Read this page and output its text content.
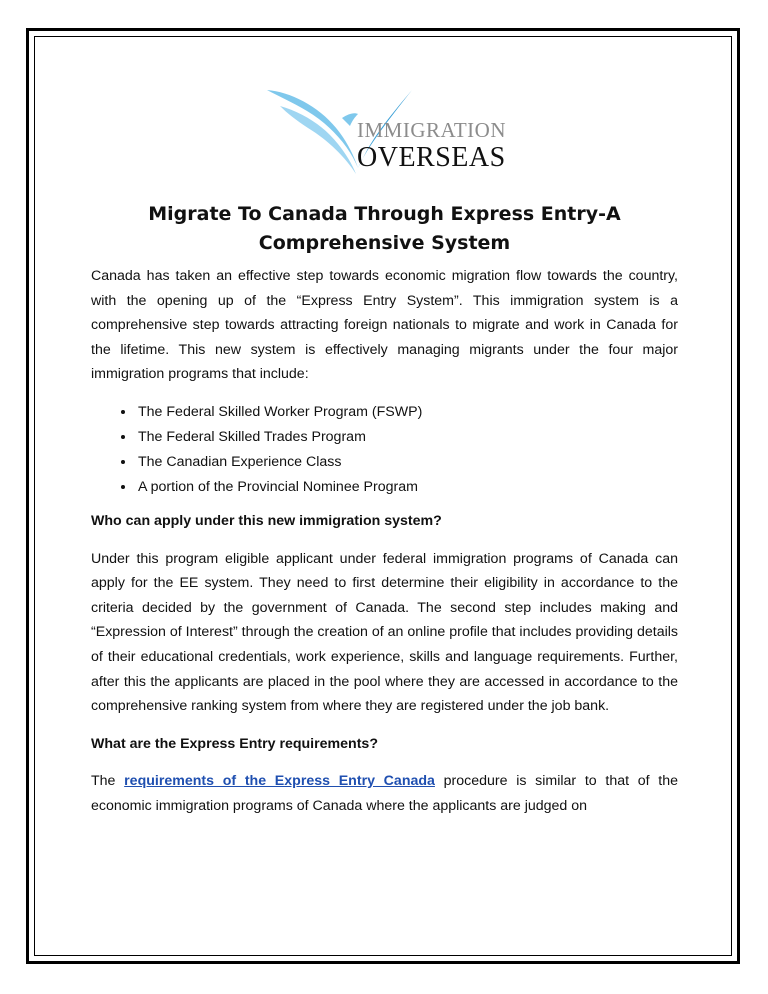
IMMIGRATION
OVERSEAS
Migrate To Canada Through Express Entry-A Comprehensive System

Canada has taken an effective step towards economic migration flow towards the country, with the opening up of the “Express Entry System”. This immigration system is a comprehensive step towards attracting foreign nationals to migrate and work in Canada for the lifetime. This new system is effectively managing migrants under the four major immigration programs that include:

• The Federal Skilled Worker Program (FSWP)
• The Federal Skilled Trades Program
• The Canadian Experience Class
• A portion of the Provincial Nominee Program

Who can apply under this new immigration system?

Under this program eligible applicant under federal immigration programs of Canada can apply for the EE system. They need to first determine their eligibility in accordance to the criteria decided by the government of Canada. The second step includes making and “Expression of Interest” through the creation of an online profile that includes providing details of their educational credentials, work experience, skills and language requirements. Further, after this the applicants are placed in the pool where they are accessed in accordance to the comprehensive ranking system from where they are registered under the job bank.

What are the Express Entry requirements?

The requirements of the Express Entry Canada procedure is similar to that of the economic immigration programs of Canada where the applicants are judged on
